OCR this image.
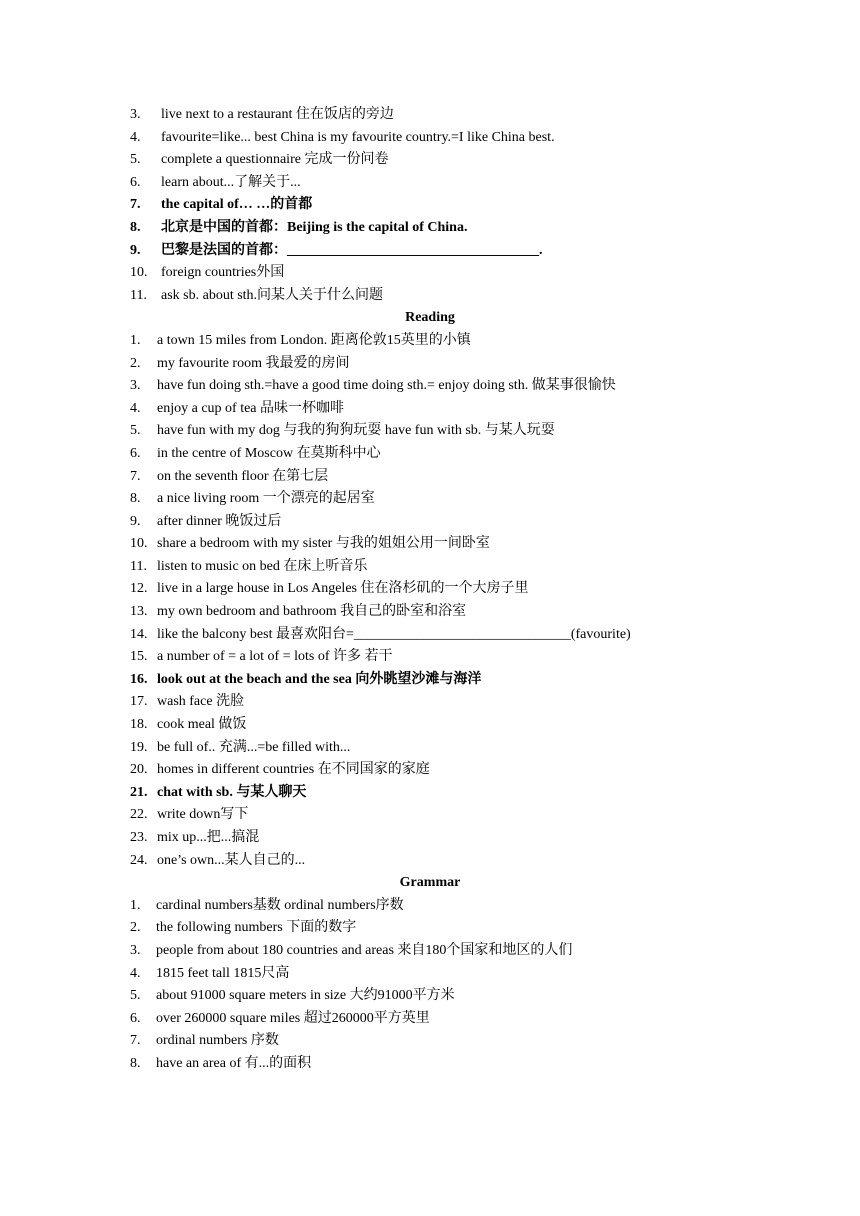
3. live next to a restaurant 住在饭店的旁边
4. favourite=like... best China is my favourite country.=I like China best.
5. complete a questionnaire 完成一份问卷
6. learn about...了解关于...
7. the capital of… …的首都
8. 北京是中国的首都：Beijing is the capital of China.
9. 巴黎是法国的首都：____________________________________.
10. foreign countries外国
11. ask sb. about sth.问某人关于什么问题
Reading
1. a town 15 miles from London. 距离伦敦15英里的小镇
2. my favourite room 我最爱的房间
3. have fun doing sth.=have a good time doing sth.= enjoy doing sth. 做某事很愉快
4. enjoy a cup of tea 品味一杯咖啡
5. have fun with my dog 与我的狗狗玩耍 have fun with sb. 与某人玩耍
6. in the centre of Moscow 在莫斯科中心
7. on the seventh floor 在第七层
8. a nice living room 一个漂亮的起居室
9. after dinner 晚饭过后
10. share a bedroom with my sister 与我的姐姐公用一间卧室
11. listen to music on bed 在床上听音乐
12. live in a large house in Los Angeles 住在洛杉矶的一个大房子里
13. my own bedroom and bathroom 我自己的卧室和浴室
14. like the balcony best 最喜欢阳台=_______________________________(favourite)
15. a number of = a lot of = lots of 许多 若干
16. look out at the beach and the sea 向外眺望沙滩与海洋
17. wash face 洗脸
18. cook meal 做饭
19. be full of.. 充满...=be filled with...
20. homes in different countries 在不同国家的家庭
21. chat with sb. 与某人聊天
22. write down写下
23. mix up...把...搞混
24. one’s own...某人自己的...
Grammar
1. cardinal numbers基数 ordinal numbers序数
2. the following numbers 下面的数字
3. people from about 180 countries and areas 来自180个国家和地区的人们
4. 1815 feet tall 1815尺高
5. about 91000 square meters in size 大约91000平方米
6. over 260000 square miles 超过260000平方英里
7. ordinal numbers 序数
8. have an area of 有...的面积
